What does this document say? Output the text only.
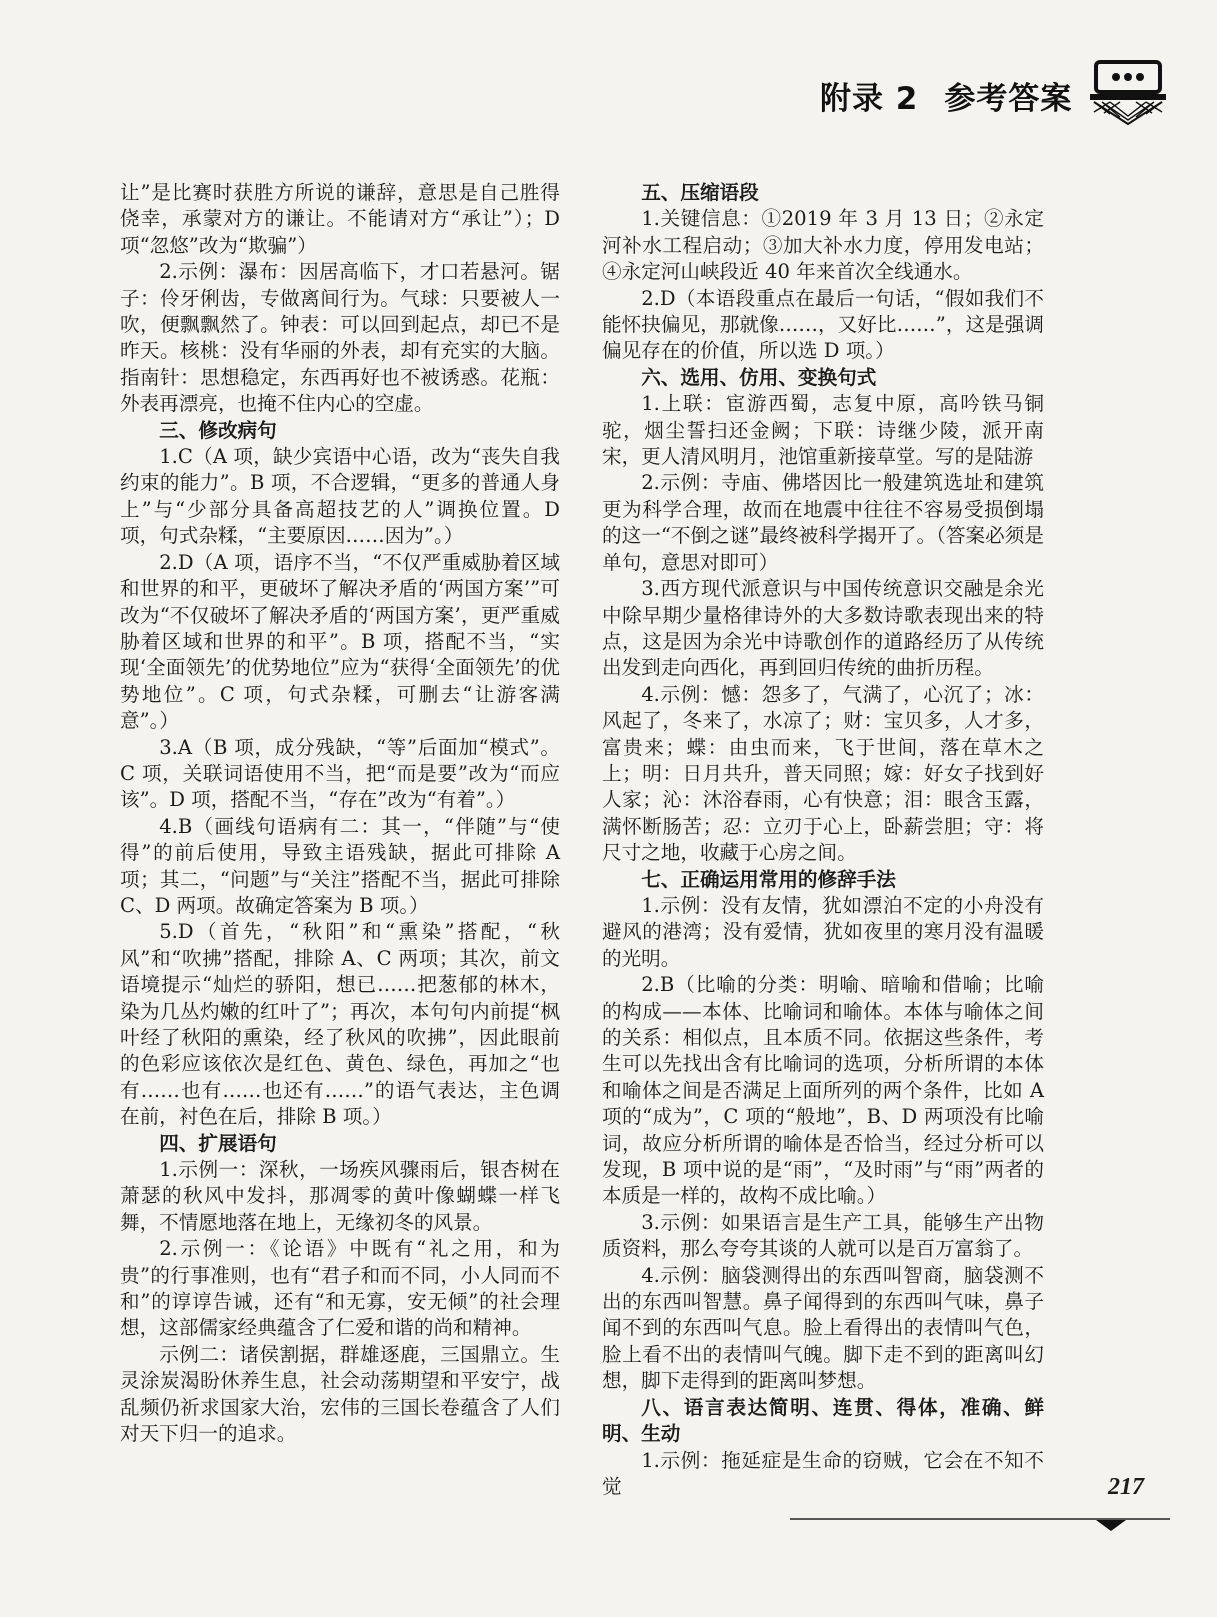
附录 2 参考答案

让”是比赛时获胜方所说的谦辞，意思是自己胜得侥幸，承蒙对方的谦让。不能请对方“承让”）；D 项“忽悠”改为“欺骗”）

2.示例：瀑布：因居高临下，才口若悬河。锯子：伶牙俐齿，专做离间行为。气球：只要被人一吹，便飘飘然了。钟表：可以回到起点，却已不是昨天。核桃：没有华丽的外表，却有充实的大脑。指南针：思想稳定，东西再好也不被诱惑。花瓶：外表再漂亮，也掩不住内心的空虚。

三、修改病句

1.C（A 项，缺少宾语中心语，改为“丧失自我约束的能力”。B 项，不合逻辑，“更多的普通人身上”与“少部分具备高超技艺的人”调换位置。D 项，句式杂糅，“主要原因……因为”。）

2.D（A 项，语序不当，“不仅严重威胁着区域和世界的和平，更破坏了解决矛盾的‘两国方案’”可改为“不仅破坏了解决矛盾的‘两国方案’，更严重威胁着区域和世界的和平”。B 项，搭配不当，“实现‘全面领先’的优势地位”应为“获得‘全面领先’的优势地位”。C 项，句式杂糅，可删去“让游客满意”。）

3.A（B 项，成分残缺，“等”后面加“模式”。C 项，关联词语使用不当，把“而是要”改为“而应该”。D 项，搭配不当，“存在”改为“有着”。）

4.B（画线句语病有二：其一，“伴随”与“使得”的前后使用，导致主语残缺，据此可排除 A 项；其二，“问题”与“关注”搭配不当，据此可排除 C、D 两项。故确定答案为 B 项。）

5.D（首先，“秋阳”和“熏染”搭配，“秋风”和“吹拂”搭配，排除 A、C 两项；其次，前文语境提示“灿烂的骄阳，想已……把葱郁的林木，染为几丛灼嫩的红叶了”；再次，本句句内前提“枫叶经了秋阳的熏染，经了秋风的吹拂”，因此眼前的色彩应该依次是红色、黄色、绿色，再加之“也有……也有……也还有……”的语气表达，主色调在前，衬色在后，排除 B 项。）

四、扩展语句

1.示例一：深秋，一场疾风骤雨后，银杏树在萧瑟的秋风中发抖，那凋零的黄叶像蝴蝶一样飞舞，不情愿地落在地上，无缘初冬的风景。

2.示例一：《论语》中既有“礼之用，和为贵”的行事准则，也有“君子和而不同，小人同而不和”的谆谆告诫，还有“和无寡，安无倾”的社会理想，这部儒家经典蕴含了仁爱和谐的尚和精神。

示例二：诸侯割据，群雄逐鹿，三国鼎立。生灵涂炭渴盼休养生息，社会动荡期望和平安宁，战乱频仍祈求国家大治，宏伟的三国长卷蕴含了人们对天下归一的追求。

五、压缩语段

1.关键信息：①2019 年 3 月 13 日；②永定河补水工程启动；③加大补水力度，停用发电站；④永定河山峡段近 40 年来首次全线通水。

2.D（本语段重点在最后一句话，“假如我们不能怀抉偏见，那就像……，又好比……”，这是强调偏见存在的价值，所以选 D 项。）

六、选用、仿用、变换句式

1.上联：宦游西蜀，志复中原，高吟铁马铜驼，烟尘誓扫还金阙；下联：诗继少陵，派开南宋，更人清风明月，池馆重新接草堂。写的是陆游

2.示例：寺庙、佛塔因比一般建筑选址和建筑更为科学合理，故而在地震中往往不容易受损倒塌的这一“不倒之谜”最终被科学揭开了。（答案必须是单句，意思对即可）

3.西方现代派意识与中国传统意识交融是余光中除早期少量格律诗外的大多数诗歌表现出来的特点，这是因为余光中诗歌创作的道路经历了从传统出发到走向西化，再到回归传统的曲折历程。

4.示例：憾：怨多了，气满了，心沉了；冰：风起了，冬来了，水凉了；财：宝贝多，人才多，富贵来；蝶：由虫而来，飞于世间，落在草木之上；明：日月共升，普天同照；嫁：好女子找到好人家；沁：沐浴春雨，心有快意；泪：眼含玉露，满怀断肠苦；忍：立刃于心上，卧薪尝胆；守：将尺寸之地，收藏于心房之间。

七、正确运用常用的修辞手法

1.示例：没有友情，犹如漂泊不定的小舟没有避风的港湾；没有爱情，犹如夜里的寒月没有温暖的光明。

2.B（比喻的分类：明喻、暗喻和借喻；比喻的构成——本体、比喻词和喻体。本体与喻体之间的关系：相似点，且本质不同。依据这些条件，考生可以先找出含有比喻词的选项，分析所谓的本体和喻体之间是否满足上面所列的两个条件，比如 A 项的“成为”，C 项的“般地”，B、D 两项没有比喻词，故应分析所谓的喻体是否恰当，经过分析可以发现，B 项中说的是“雨”，“及时雨”与“雨”两者的本质是一样的，故构不成比喻。）

3.示例：如果语言是生产工具，能够生产出物质资料，那么夸夸其谈的人就可以是百万富翁了。

4.示例：脑袋测得出的东西叫智商，脑袋测不出的东西叫智慧。鼻子闻得到的东西叫气味，鼻子闻不到的东西叫气息。脸上看得出的表情叫气色，脸上看不出的表情叫气魄。脚下走不到的距离叫幻想，脚下走得到的距离叫梦想。

八、语言表达简明、连贯、得体，准确、鲜明、生动

1.示例：拖延症是生命的窃贼，它会在不知不觉	217
